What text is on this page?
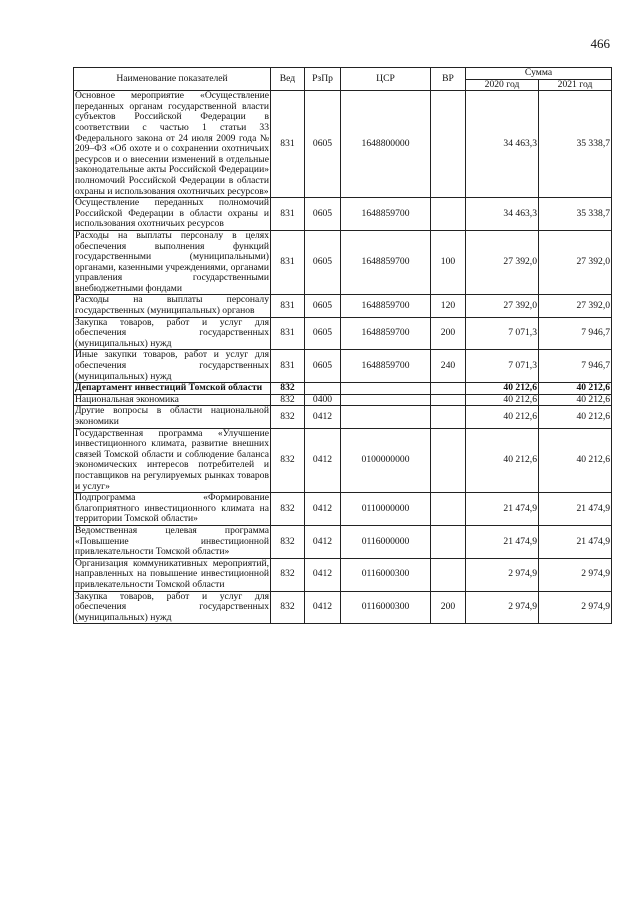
466
Наименование показателей	Вед	РзПр	ЦСР	ВР	Сумма	
					2020 год	2021 год
Основное мероприятие «Осуществление переданных органам государственной власти субъектов Российской Федерации в соответствии с частью 1 статьи 33 Федерального закона от 24 июля 2009 года № 209–ФЗ «Об охоте и о сохранении охотничьих ресурсов и о внесении изменений в отдельные законодательные акты Российской Федерации» полномочий Российской Федерации в области охраны и использования охотничьих ресурсов»	831	0605	1648800000		34 463,3	35 338,7
Осуществление переданных полномочий Российской Федерации в области охраны и использования охотничьих ресурсов	831	0605	1648859700		34 463,3	35 338,7
Расходы на выплаты персоналу в целях обеспечения выполнения функций государственными (муниципальными) органами, казенными учреждениями, органами управления государственными внебюджетными фондами	831	0605	1648859700	100	27 392,0	27 392,0
Расходы на выплаты персоналу государственных (муниципальных) органов	831	0605	1648859700	120	27 392,0	27 392,0
Закупка товаров, работ и услуг для обеспечения государственных (муниципальных) нужд	831	0605	1648859700	200	7 071,3	7 946,7
Иные закупки товаров, работ и услуг для обеспечения государственных (муниципальных) нужд	831	0605	1648859700	240	7 071,3	7 946,7
Департамент инвестиций Томской области	832				40 212,6	40 212,6
Национальная экономика	832	0400			40 212,6	40 212,6
Другие вопросы в области национальной экономики	832	0412			40 212,6	40 212,6
Государственная программа «Улучшение инвестиционного климата, развитие внешних связей Томской области и соблюдение баланса экономических интересов потребителей и поставщиков на регулируемых рынках товаров и услуг»	832	0412	0100000000		40 212,6	40 212,6
Подпрограмма «Формирование благоприятного инвестиционного климата на территории Томской области»	832	0412	0110000000		21 474,9	21 474,9
Ведомственная целевая программа «Повышение инвестиционной привлекательности Томской области»	832	0412	0116000000		21 474,9	21 474,9
Организация коммуникативных мероприятий, направленных на повышение инвестиционной привлекательности Томской области	832	0412	0116000300		2 974,9	2 974,9
Закупка товаров, работ и услуг для обеспечения государственных (муниципальных) нужд	832	0412	0116000300	200	2 974,9	2 974,9
